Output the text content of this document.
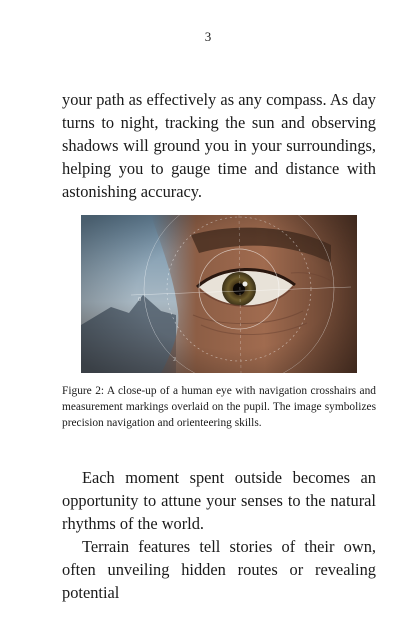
3

your path as effectively as any compass. As day turns to night, tracking the sun and observing shadows will ground you in your surroundings, helping you to gauge time and distance with astonishing accuracy.

Figure 2: A close-up of a human eye with navigation crosshairs and measurement markings overlaid on the pupil. The image symbolizes precision navigation and orienteering skills.

Each moment spent outside becomes an opportunity to attune your senses to the natural rhythms of the world.

Terrain features tell stories of their own, often unveiling hidden routes or revealing potential
